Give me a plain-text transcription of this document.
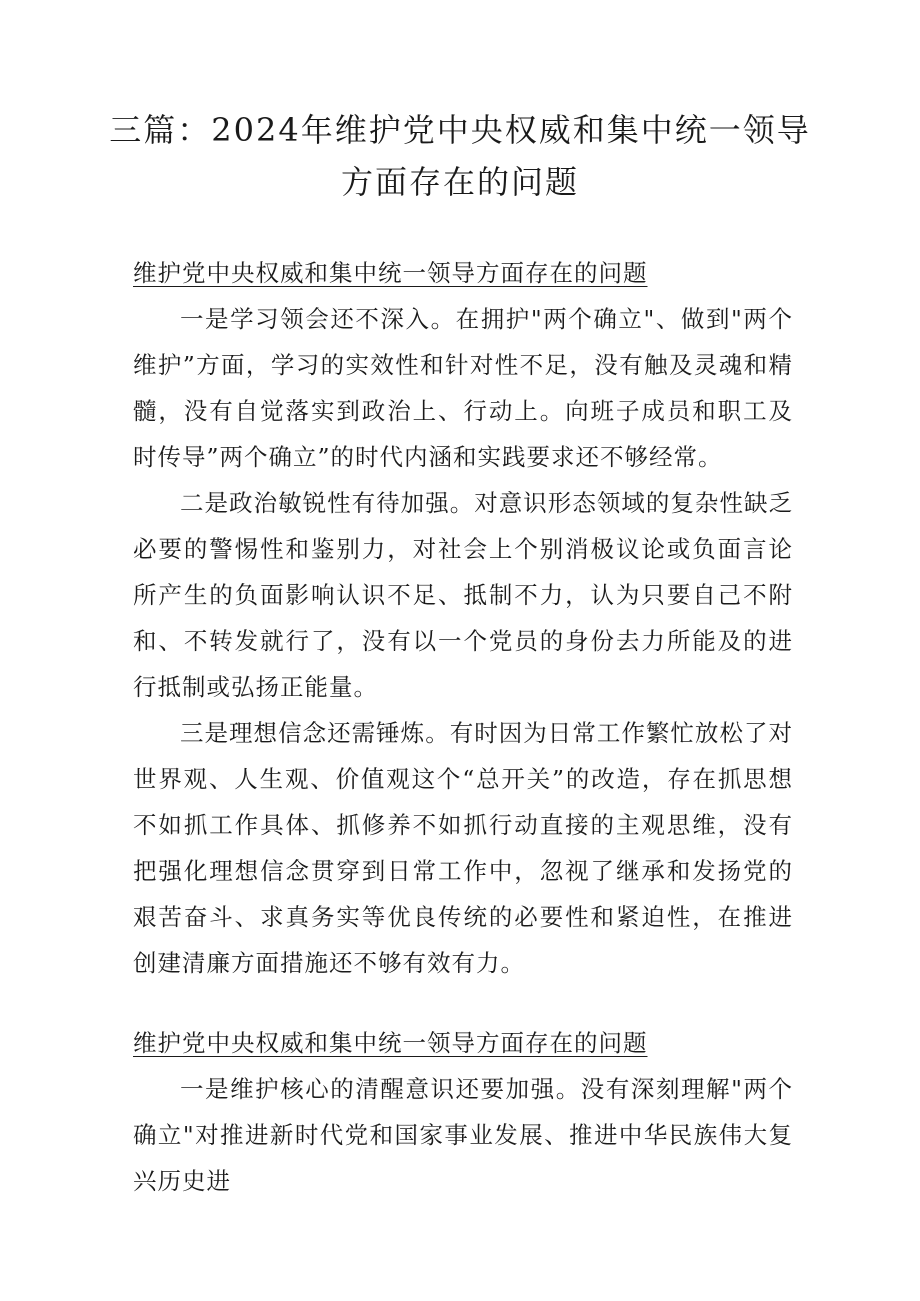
三篇：2024年维护党中央权威和集中统一领导方面存在的问题
维护党中央权威和集中统一领导方面存在的问题
一是学习领会还不深入。在拥护"两个确立"、做到"两个维护”方面，学习的实效性和针对性不足，没有触及灵魂和精髓，没有自觉落实到政治上、行动上。向班子成员和职工及时传导”两个确立”的时代内涵和实践要求还不够经常。
二是政治敏锐性有待加强。对意识形态领域的复杂性缺乏必要的警惕性和鉴别力，对社会上个别消极议论或负面言论所产生的负面影响认识不足、抵制不力，认为只要自己不附和、不转发就行了，没有以一个党员的身份去力所能及的进行抵制或弘扬正能量。
三是理想信念还需锤炼。有时因为日常工作繁忙放松了对世界观、人生观、价值观这个“总开关”的改造，存在抓思想不如抓工作具体、抓修养不如抓行动直接的主观思维，没有把强化理想信念贯穿到日常工作中，忽视了继承和发扬党的艰苦奋斗、求真务实等优良传统的必要性和紧迫性，在推进创建清廉方面措施还不够有效有力。
维护党中央权威和集中统一领导方面存在的问题
一是维护核心的清醒意识还要加强。没有深刻理解"两个确立"对推进新时代党和国家事业发展、推进中华民族伟大复兴历史进
